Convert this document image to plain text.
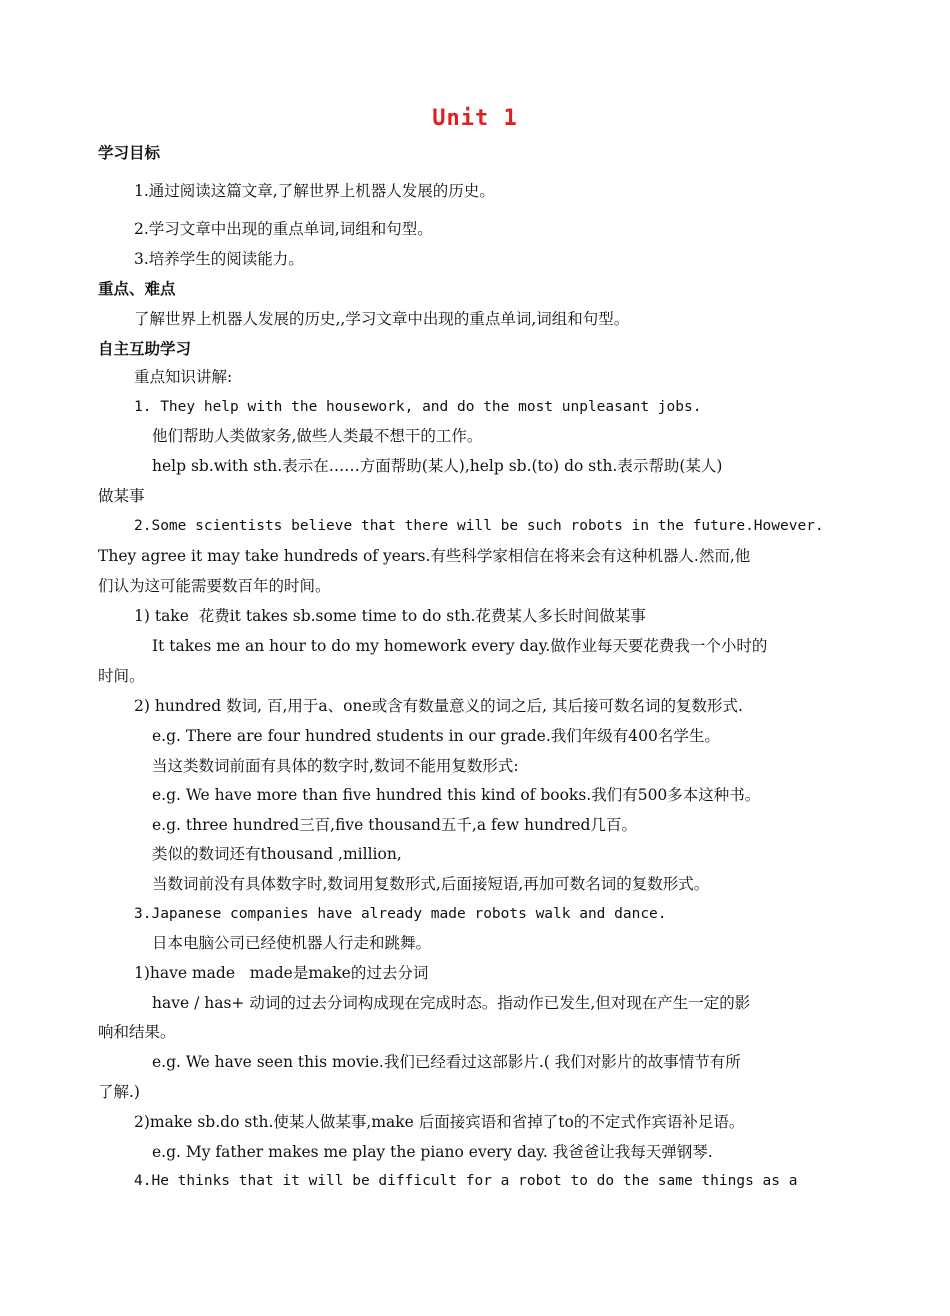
Unit 1
学习目标
1.通过阅读这篇文章,了解世界上机器人发展的历史。
2.学习文章中出现的重点单词,词组和句型。
3.培养学生的阅读能力。
重点、难点
了解世界上机器人发展的历史,,学习文章中出现的重点单词,词组和句型。
自主互助学习
重点知识讲解:
1. They help with the housework, and do the most unpleasant jobs.
他们帮助人类做家务,做些人类最不想干的工作。
help sb.with sth.表示在……方面帮助(某人),help sb.(to) do sth.表示帮助(某人)
做某事
2.Some scientists believe that there will be such robots in the future.However.
They agree it may take hundreds of years.有些科学家相信在将来会有这种机器人.然而,他
们认为这可能需要数百年的时间。
1) take  花费it takes sb.some time to do sth.花费某人多长时间做某事
It takes me an hour to do my homework every day.做作业每天要花费我一个小时的
时间。
2) hundred 数词, 百,用于a、one或含有数量意义的词之后, 其后接可数名词的复数形式.
e.g. There are four hundred students in our grade.我们年级有400名学生。
当这类数词前面有具体的数字时,数词不能用复数形式:
e.g. We have more than five hundred this kind of books.我们有500多本这种书。
e.g. three hundred三百,five thousand五千,a few hundred几百。
类似的数词还有thousand ,million,
当数词前没有具体数字时,数词用复数形式,后面接短语,再加可数名词的复数形式。
3.Japanese companies have already made robots walk and dance.
日本电脑公司已经使机器人行走和跳舞。
1)have made   made是make的过去分词
have / has+ 动词的过去分词构成现在完成时态。指动作已发生,但对现在产生一定的影
响和结果。
e.g. We have seen this movie.我们已经看过这部影片.( 我们对影片的故事情节有所
了解.)
2)make sb.do sth.使某人做某事,make 后面接宾语和省掉了to的不定式作宾语补足语。
e.g. My father makes me play the piano every day. 我爸爸让我每天弹钢琴.
4.He thinks that it will be difficult for a robot to do the same things as a
